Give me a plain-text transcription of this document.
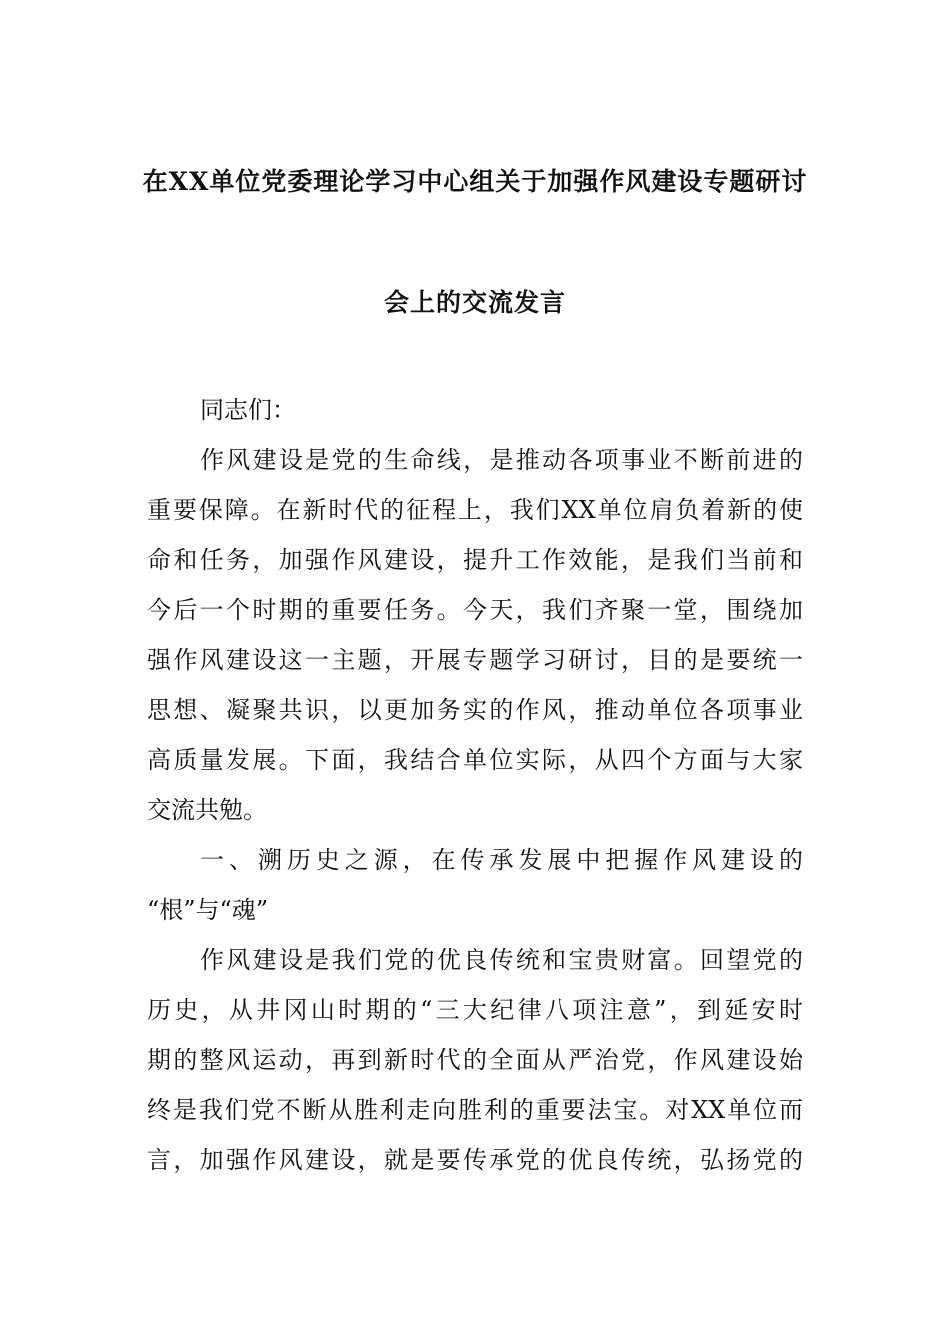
在XX单位党委理论学习中心组关于加强作风建设专题研讨
会上的交流发言
同志们：
作风建设是党的生命线，是推动各项事业不断前进的
重要保障。在新时代的征程上，我们XX单位肩负着新的使
命和任务，加强作风建设，提升工作效能，是我们当前和
今后一个时期的重要任务。今天，我们齐聚一堂，围绕加
强作风建设这一主题，开展专题学习研讨，目的是要统一
思想、凝聚共识，以更加务实的作风，推动单位各项事业
高质量发展。下面，我结合单位实际，从四个方面与大家
交流共勉。
一、溯历史之源，在传承发展中把握作风建设的
“根”与“魂”
作风建设是我们党的优良传统和宝贵财富。回望党的
历史，从井冈山时期的“三大纪律八项注意”，到延安时
期的整风运动，再到新时代的全面从严治党，作风建设始
终是我们党不断从胜利走向胜利的重要法宝。对XX单位而
言，加强作风建设，就是要传承党的优良传统，弘扬党的
